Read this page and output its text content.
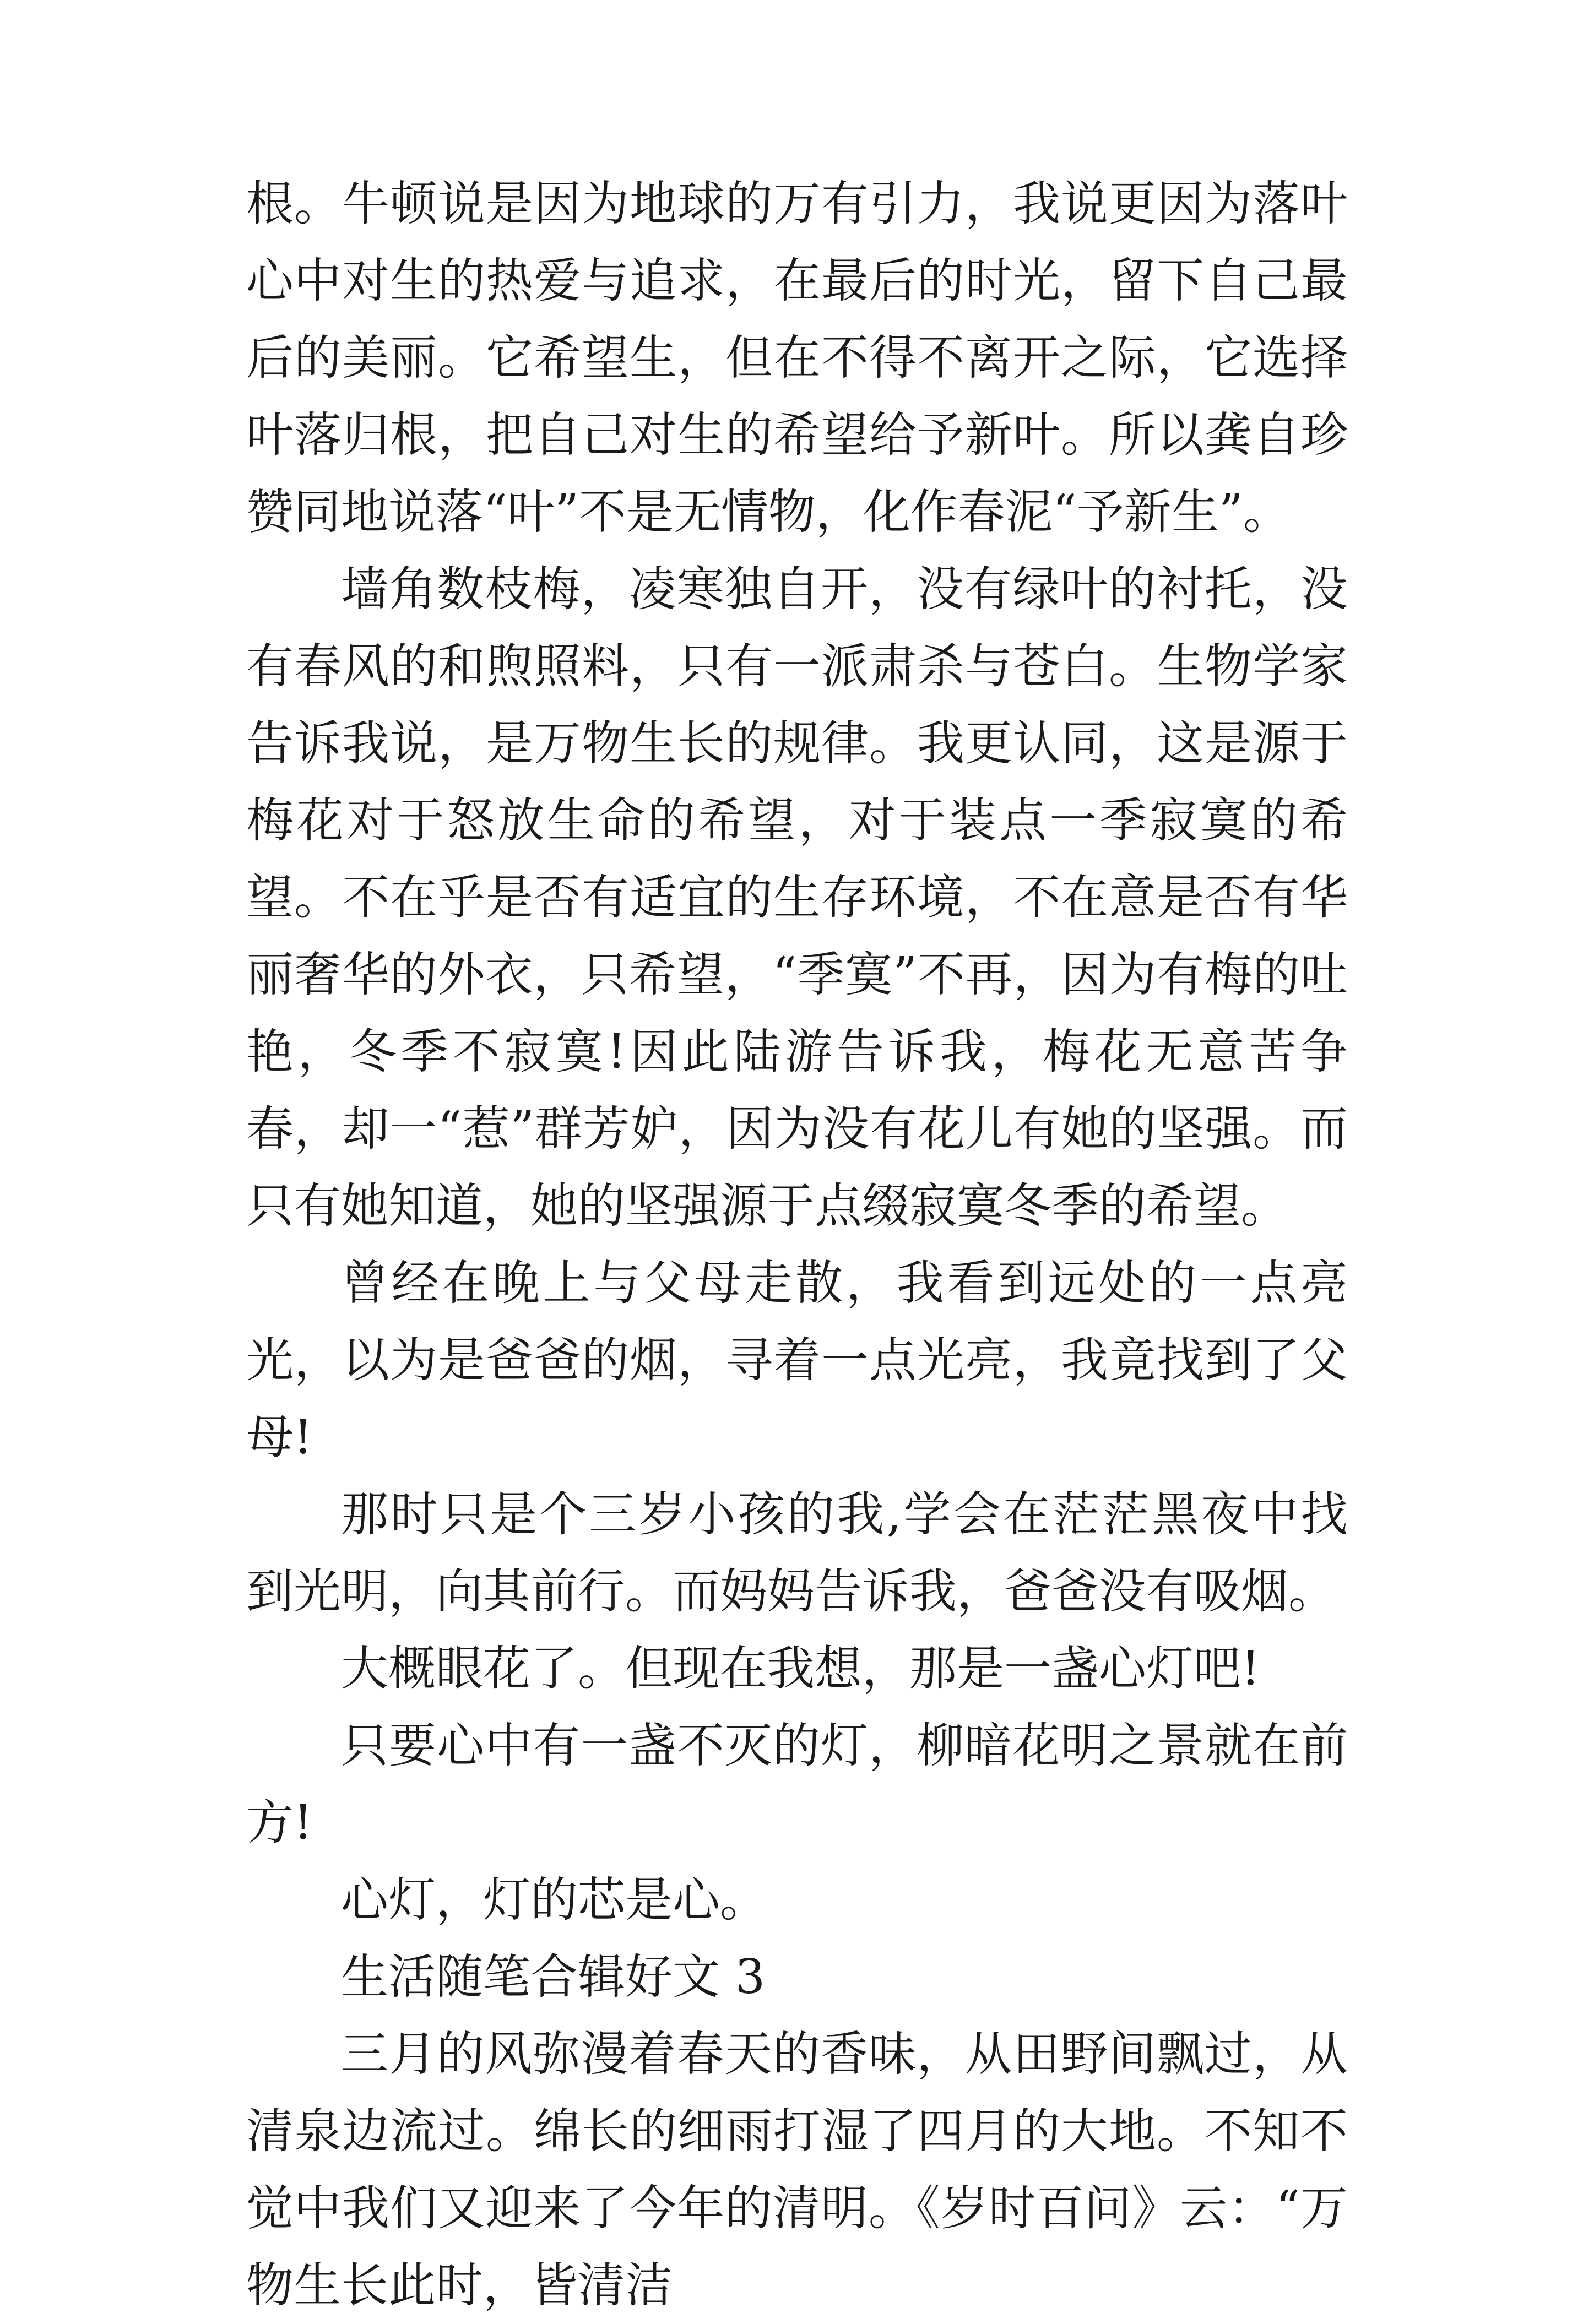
根。牛顿说是因为地球的万有引力，我说更因为落叶心中对生的热爱与追求，在最后的时光，留下自己最后的美丽。它希望生，但在不得不离开之际，它选择叶落归根，把自己对生的希望给予新叶。所以龚自珍赞同地说落“叶”不是无情物，化作春泥“予新生”。

墙角数枝梅，凌寒独自开，没有绿叶的衬托，没有春风的和煦照料，只有一派肃杀与苍白。生物学家告诉我说，是万物生长的规律。我更认同，这是源于梅花对于怒放生命的希望，对于装点一季寂寞的希望。不在乎是否有适宜的生存环境，不在意是否有华丽奢华的外衣，只希望，“季寞”不再，因为有梅的吐艳，冬季不寂寞!因此陆游告诉我，梅花无意苦争春，却一“惹”群芳妒，因为没有花儿有她的坚强。而只有她知道，她的坚强源于点缀寂寞冬季的希望。

曾经在晚上与父母走散，我看到远处的一点亮光，以为是爸爸的烟，寻着一点光亮，我竟找到了父母!

那时只是个三岁小孩的我,学会在茫茫黑夜中找到光明，向其前行。而妈妈告诉我，爸爸没有吸烟。

大概眼花了。但现在我想，那是一盏心灯吧!

只要心中有一盏不灭的灯，柳暗花明之景就在前方!

心灯，灯的芯是心。

生活随笔合辑好文 3

三月的风弥漫着春天的香味，从田野间飘过，从清泉边流过。绵长的细雨打湿了四月的大地。不知不觉中我们又迎来了今年的清明。《岁时百问》云：“万物生长此时，皆清洁
